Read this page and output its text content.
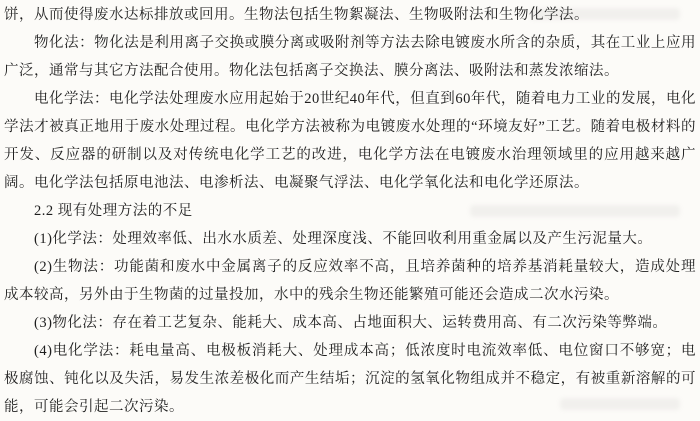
饼，从而使得废水达标排放或回用。生物法包括生物絮凝法、生物吸附法和生物化学法。

物化法：物化法是利用离子交换或膜分离或吸附剂等方法去除电镀废水所含的杂质，其在工业上应用广泛，通常与其它方法配合使用。物化法包括离子交换法、膜分离法、吸附法和蒸发浓缩法。

电化学法：电化学法处理废水应用起始于20世纪40年代，但直到60年代，随着电力工业的发展，电化学法才被真正地用于废水处理过程。电化学方法被称为电镀废水处理的“环境友好”工艺。随着电极材料的开发、反应器的研制以及对传统电化学工艺的改进，电化学方法在电镀废水治理领域里的应用越来越广阔。电化学法包括原电池法、电渗析法、电凝聚气浮法、电化学氧化法和电化学还原法。

2.2 现有处理方法的不足

(1)化学法：处理效率低、出水水质差、处理深度浅、不能回收利用重金属以及产生污泥量大。

(2)生物法：功能菌和废水中金属离子的反应效率不高，且培养菌种的培养基消耗量较大，造成处理成本较高，另外由于生物菌的过量投加，水中的残余生物还能繁殖可能还会造成二次水污染。

(3)物化法：存在着工艺复杂、能耗大、成本高、占地面积大、运转费用高、有二次污染等弊端。

(4)电化学法：耗电量高、电极板消耗大、处理成本高；低浓度时电流效率低、电位窗口不够宽；电极腐蚀、钝化以及失活，易发生浓差极化而产生结垢；沉淀的氢氧化物组成并不稳定，有被重新溶解的可能，可能会引起二次污染。
